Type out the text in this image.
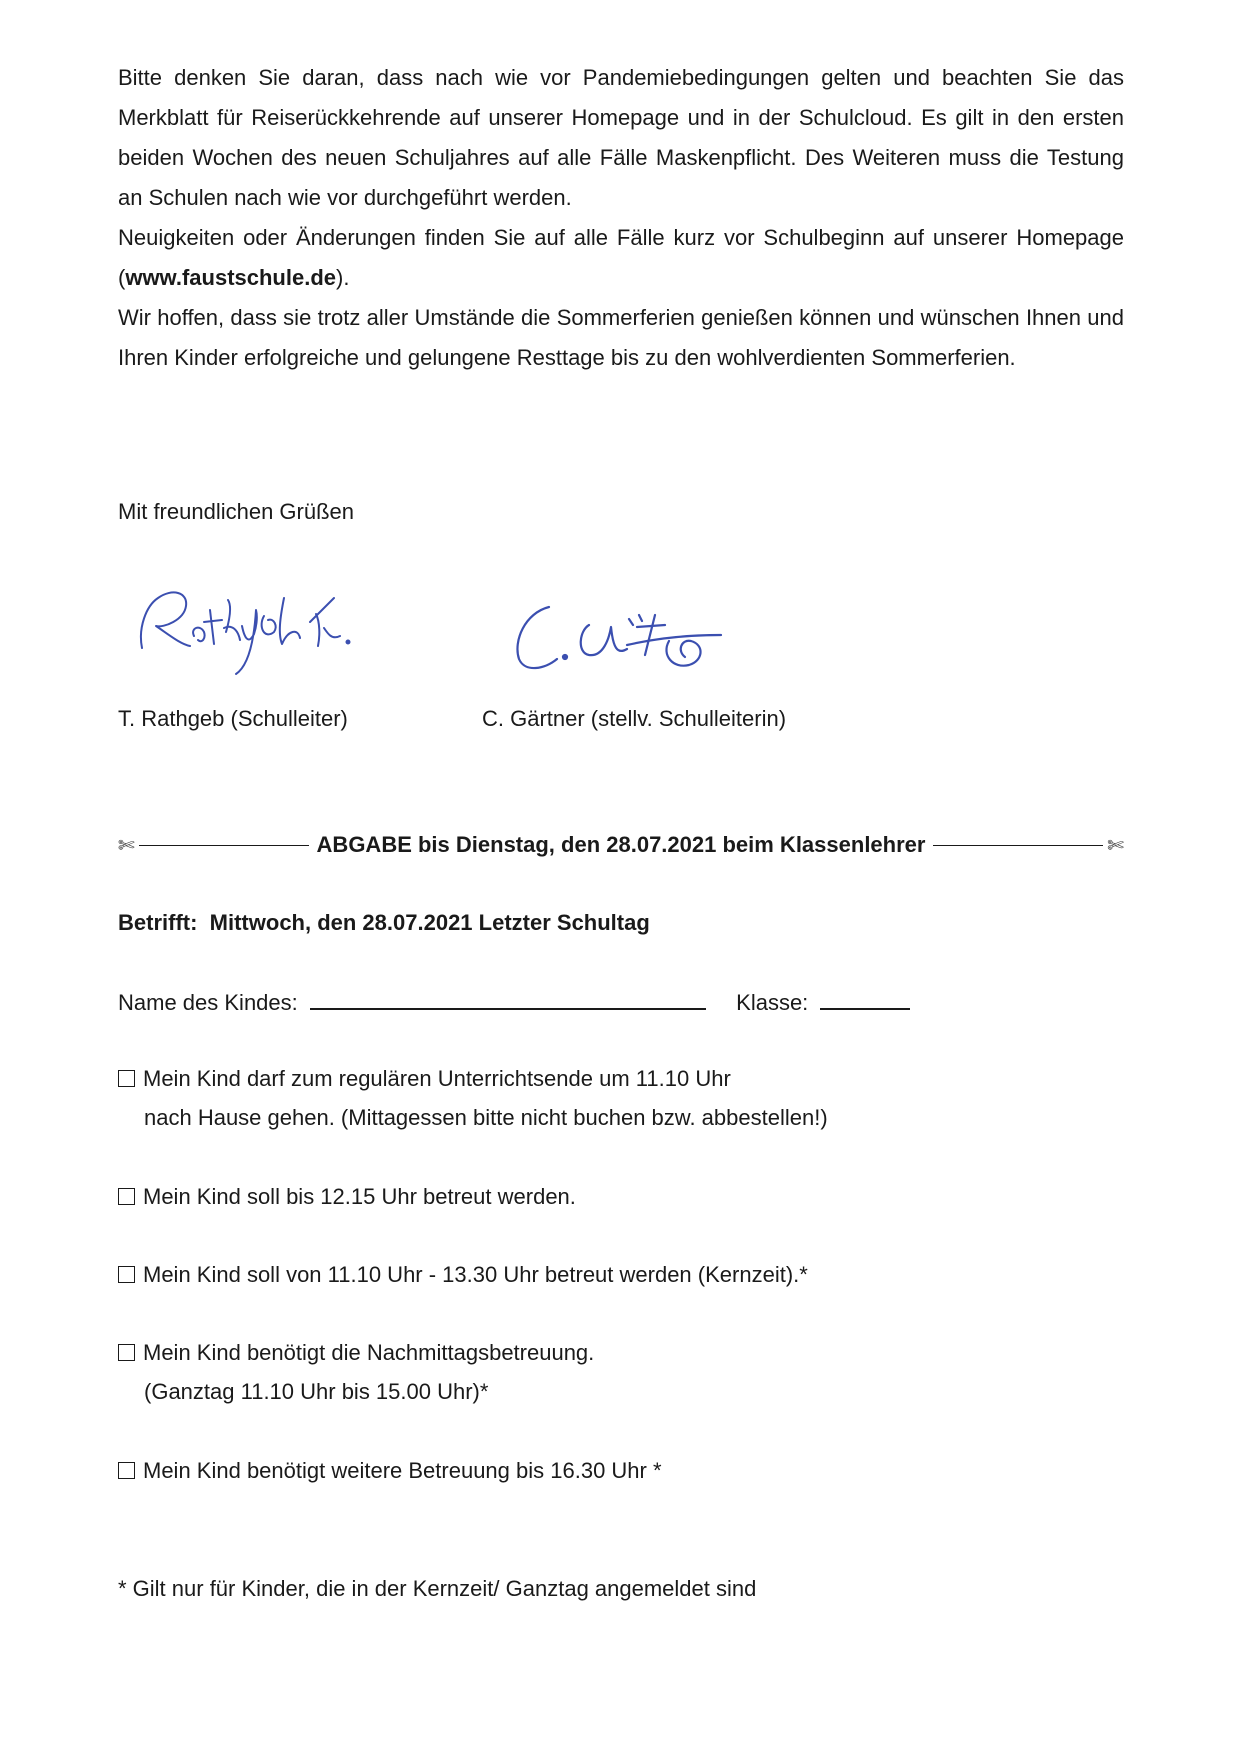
Bitte denken Sie daran, dass nach wie vor Pandemiebedingungen gelten und beachten Sie das Merkblatt für Reiserückkehrende auf unserer Homepage und in der Schulcloud. Es gilt in den ersten beiden Wochen des neuen Schuljahres auf alle Fälle Maskenpflicht. Des Weiteren muss die Testung an Schulen nach wie vor durchgeführt werden.

Neuigkeiten oder Änderungen finden Sie auf alle Fälle kurz vor Schulbeginn auf unserer Homepage (www.faustschule.de).

Wir hoffen, dass sie trotz aller Umstände die Sommerferien genießen können und wünschen Ihnen und Ihren Kinder erfolgreiche und gelungene Resttage bis zu den wohlverdienten Sommerferien.

Mit freundlichen Grüßen
T. Rathgeb (Schulleiter)	C. Gärtner (stellv. Schulleiterin)
✄	ABGABE bis Dienstag, den 28.07.2021 beim Klassenlehrer	✄
Betrifft: Mittwoch, den 28.07.2021 Letzter Schultag
Name des Kindes:	Klasse:
Mein Kind darf zum regulären Unterrichtsende um 11.10 Uhr
nach Hause gehen. (Mittagessen bitte nicht buchen bzw. abbestellen!)
Mein Kind soll bis 12.15 Uhr betreut werden.
Mein Kind soll von 11.10 Uhr - 13.30 Uhr betreut werden (Kernzeit).*
Mein Kind benötigt die Nachmittagsbetreuung.
(Ganztag 11.10 Uhr bis 15.00 Uhr)*
Mein Kind benötigt weitere Betreuung bis 16.30 Uhr *
* Gilt nur für Kinder, die in der Kernzeit/ Ganztag angemeldet sind
